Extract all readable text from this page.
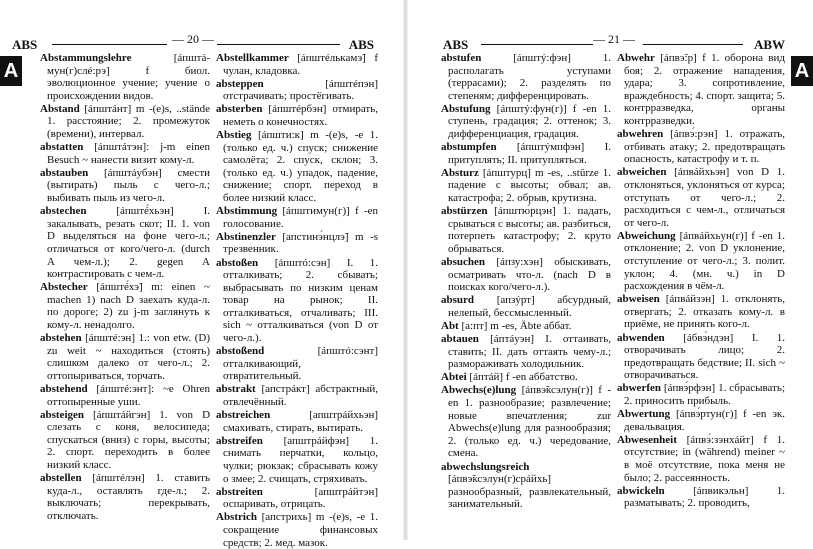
ABS	— 20 —	ABS
A
Abstammungslehre	[áпштá-мун(г)слé:рэ]	f биол. эволюционное учение; учение о происхождении видов.
Abstand [áпштáнт] m -(e)s, ..stände 1. расстояние; 2. промежуток (времени), интервал.
abstatten [áпштáтэн]: j-m einen Besuch ~ нанести визит кому-л.
abstauben [áпштáубэн] смести (вытирать) пыль с чего-л.; выбивать пыль из чего-л.
abstechen	[áпштé́хьэн]	I. закалывать, резать скот; II. 1. von D выделяться на фоне чего-л.; отличаться от кого/чего-л. (durch A чем-л.); 2. gegen A контрастировать с чем-л.
Abstecher [áпштé́хэ̃] m: einen ~ machen 1) nach D заехать куда-л. по дороге; 2) zu j-m заглянуть к кому-л. ненадолго.
abstehen [áпштé:эн] 1.: von etw. (D) zu weit ~ находиться (стоять) слишком далеко от чего-л.; 2. оттопыриваться, торчать.
abstehend [áпштé:энт]: ~e Ohren оттопыренные уши.
absteigen [áпштáйгэн] 1. von D слезать с коня, велосипеда; спускаться (вниз) с горы, высоты; 2. спорт. переходить в более низкий класс.
abstellen [áпштéлэн] 1. ставить куда-л., оставлять где-л.; 2. выключать; перекрывать, отключать.
Abstellkammer [áпштéлькамэ̃] f чулан, кладовка.
absteppen	[áпштéпэн] отстрачивать; простёгивать.
absterben [áпштéрбэн] отмирать, неметь о конечностях.
Abstieg [áпшти:к] m -(e)s, -e 1. (только ед. ч.) спуск; снижение самолёта; 2. спуск, склон; 3. (только ед. ч.) упадок, падение, снижение; спорт. переход в более низкий класс.
Abstimmung [áпштимун(г)] f -en голосование.
Abstinenzler [апстинэ́нцлэ̃] m -s трезвенник.
abstoßen [áпштó:сэн] I. 1. отталкивать; 2. сбывать; выбрасывать по низким ценам товар на рынок; II. отталкиваться, отчаливать; III. sich ~ отталкиваться (von D от чего-л.).
abstoßend	[áпштó:сэнт] отталкивающий, отвратительный.
abstrakt [апстрáкт] абстрактный, отвлечённый.
abstreichen	[апштрáйхьэн] смахивать, стирать, вытирать.
abstreifen [апштрáйфэн] 1. снимать перчатки, кольцо, чулки; рюкзак; сбрасывать кожу о змее; 2. счищать, стряхивать.
abstreiten	[апштрáйтэн] оспаривать, отрицать.
Abstrich [апстрихь] m -(e)s, -e 1. сокращение финансовых средств; 2. мед. мазок.
ABS	— 21 —	ABW
A
abstufen	[áпштý:фэн]	1. располагать уступами (террасами); 2. разделять по степеням; дифференцировать.
Abstufung [áпштý:фун(г)] f -en 1. ступень, градация; 2. оттенок; 3. дифференциация, градация.
abstumpfen [áпштýмпфэн] I. притуплять; II. притупляться.
Absturz [áпштурц] m -es, ..stürze 1. падение с высоты; обвал; ав. катастрофа; 2. обрыв, крутизна.
abstürzen [áпштю́рцэн] 1. падать, срываться с высоты; ав. разбиться, потерпеть катастрофу; 2. круто обрываться.
absuchen [áпзу:хэн] обыскивать, осматривать что-л. (nach D в поисках кого/чего-л.).
absurd [апзýрт] абсурдный, нелепый, бессмысленный.
Abt [а:пт] m -es, Äbte аббат.
abtauen [áптáуэн] I. оттаивать, ставить; II. дать оттаять чему-л.; размораживать холодильник.
Abtei [áптáй] f -en аббатство.
Abwechs(e)lung [áпвэ̃ксэлун(г)] f -en 1. разнообразие; развлечение; новые впечатления; zur Abwechs(e)lung для разнообразия; 2. (только ед. ч.) чередование, смена.
abwechslungsreich [áпвэ̃ксэлун(г)срáйхь] разнообразный, развлекательный, занимательный.
Abwehr [áпвэ̃:р] f 1. оборона вид боя; 2. отражение нападения, удара; 3. сопротивление, враждебность; 4. спорт. защита; 5. контрразведка, органы контрразведки.
abwehren [áпвэ́:рэн] 1. отражать, отбивать атаку; 2. предотвращать опасность, катастрофу и т. п.
abweichen [áпвáйхьэн] von D 1. отклоняться, уклоняться от курса; отступать от чего-л.; 2. расходиться с чем-л., отличаться от чего-л.
Abweichung [áпвáйхьун(г)] f -en 1. отклонение; 2. von D уклонение, отступление от чего-л.; 3. полит. уклон; 4. (мн. ч.) in D расхождения в чём-л.
abweisen [áпвáйзэн] 1. отклонять, отвергать; 2. отказать кому-л. в приёме, не принять кого-л.
abwenden [áбвэ́ндэн] I. 1. отворачивать лицо; 2. предотвращать бедствие; II. sich ~ отворачиваться.
abwerfen [áпвэ́рфэн] 1. сбрасывать; 2. приносить прибыль.
Abwertung [áпвэ́ртун(г)] f -en эк. девальвация.
Abwesenheit [áпвэ́:зэнхáйт] f 1. отсутствие; in (während) meiner ~ в моё отсутствие, пока меня не было; 2. рассеянность.
abwickeln	[áпвикэльн]	1. разматывать; 2. проводить,
